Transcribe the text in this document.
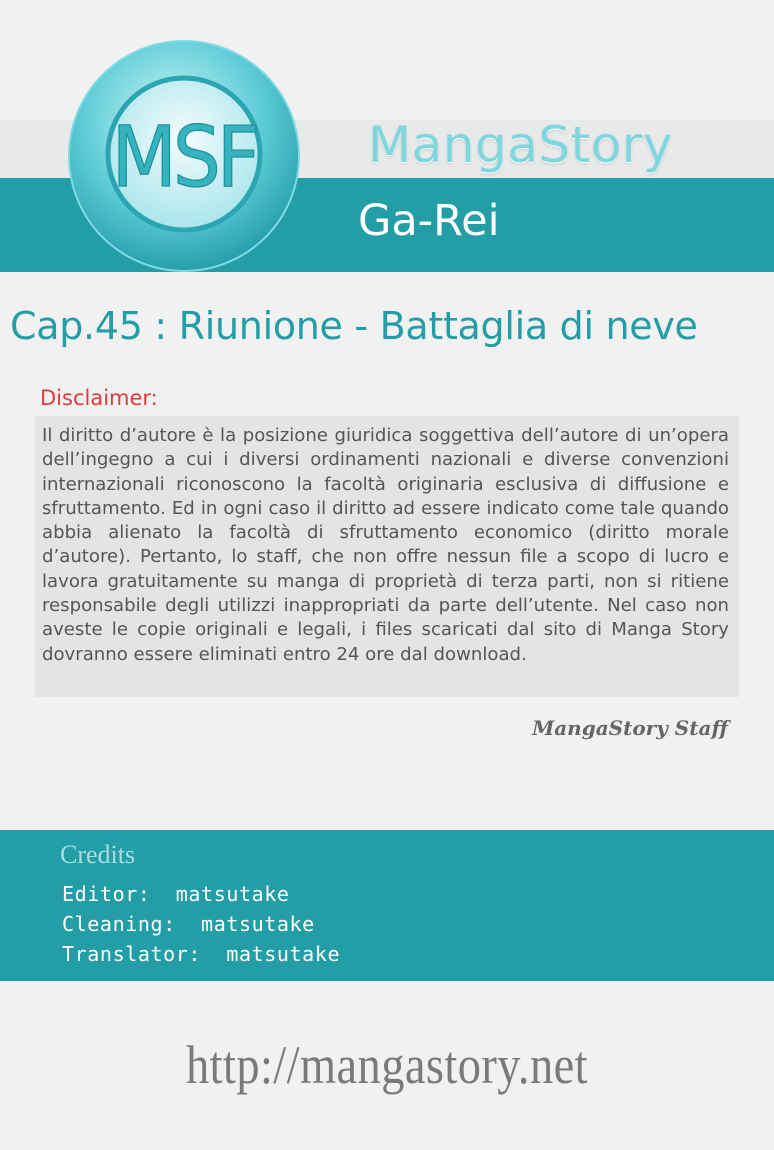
MSF MangaStory
Ga-Rei
Cap.45 : Riunione - Battaglia di neve
Disclaimer:

Il diritto d’autore è la posizione giuridica soggettiva dell’autore di un’opera dell’ingegno a cui i diversi ordinamenti nazionali e diverse convenzioni internazionali riconoscono la facoltà originaria esclusiva di diffusione e sfruttamento. Ed in ogni caso il diritto ad essere indicato come tale quando abbia alienato la facoltà di sfruttamento economico (diritto morale d’autore). Pertanto, lo staff, che non offre nessun file a scopo di lucro e lavora gratuitamente su manga di proprietà di terza parti, non si ritiene responsabile degli utilizzi inappropriati da parte dell’utente. Nel caso non aveste le copie originali e legali, i files scaricati dal sito di Manga Story dovranno essere eliminati entro 24 ore dal download.

MangaStory Staff
Credits
Editor:  matsutake
Cleaning:  matsutake
Translator:  matsutake
http://mangastory.net
